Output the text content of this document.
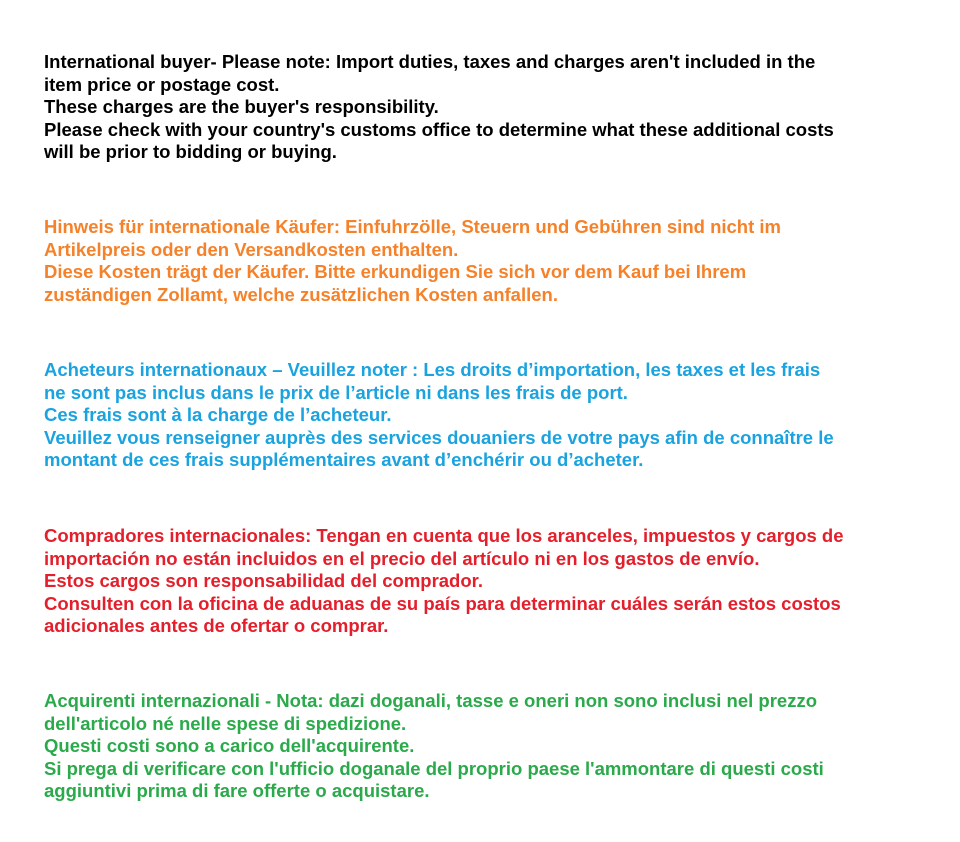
International buyer- Please note: Import duties, taxes and charges aren't included in the
item price or postage cost.
These charges are the buyer's responsibility.
Please check with your country's customs office to determine what these additional costs
will be prior to bidding or buying.
Hinweis für internationale Käufer: Einfuhrzölle, Steuern und Gebühren sind nicht im
Artikelpreis oder den Versandkosten enthalten.
Diese Kosten trägt der Käufer. Bitte erkundigen Sie sich vor dem Kauf bei Ihrem
zuständigen Zollamt, welche zusätzlichen Kosten anfallen.
Acheteurs internationaux – Veuillez noter : Les droits d’importation, les taxes et les frais
ne sont pas inclus dans le prix de l’article ni dans les frais de port.
Ces frais sont à la charge de l’acheteur.
Veuillez vous renseigner auprès des services douaniers de votre pays afin de connaître le
montant de ces frais supplémentaires avant d’enchérir ou d’acheter.
Compradores internacionales: Tengan en cuenta que los aranceles, impuestos y cargos de
importación no están incluidos en el precio del artículo ni en los gastos de envío.
Estos cargos son responsabilidad del comprador.
Consulten con la oficina de aduanas de su país para determinar cuáles serán estos costos
adicionales antes de ofertar o comprar.
Acquirenti internazionali - Nota: dazi doganali, tasse e oneri non sono inclusi nel prezzo
dell'articolo né nelle spese di spedizione.
Questi costi sono a carico dell'acquirente.
Si prega di verificare con l'ufficio doganale del proprio paese l'ammontare di questi costi
aggiuntivi prima di fare offerte o acquistare.
